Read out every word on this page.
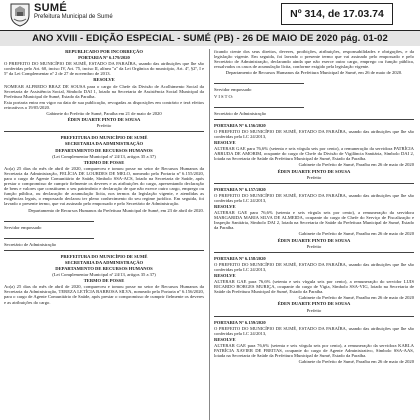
SUMÉ
Prefeitura Municipal de Sumé	Nº 314, de 17.03.74
ANO XVIII - EDIÇÃO ESPECIAL - SUMÉ (PB) - 26 DE MAIO DE 2020 pág. 01-02

REPUBLICADO POR INCORREÇÃO

PORTARIA Nº 6.179/2020

O PREFEITO DO MUNICÍPIO DE SUMÉ, ESTADO DA PARAÍBA, usando das atribuições que lhe são conferidas pelo Art. 60, inciso IV, Art. 75, inciso II, alínea "a" da Lei Orgânica do município, Art. 4º, §2º, I e 5º da Lei Complementar nº 2 de 27 de novembro de 2013.

RESOLVE

NOMEAR ALFREDO BRAZ DE SOUSA para o cargo de Chefe da Divisão de Acolhimento Social da Secretaria de Assistência Social, Símbolo DAI 1, lotado na Secretaria de Assistência Social Municipal da Prefeitura Municipal de Sumé, Estado da Paraíba.

Esta portaria entra em vigor na data de sua publicação, revogadas as disposições em contrário e terá efeitos retroativos a 19/05/2020.

Gabinete do Prefeito de Sumé, Paraíba em 21 de maio de 2020

ÉDEN DUARTE PINTO DE SOUSA

Prefeito

PREFEITURA DO MUNICÍPIO DE SUMÉ

SECRETARIA DA ADMINISTRAÇÃO

DEPARTAMENTO DE RECURSOS HUMANOS

(Lei Complementar Municipal nº 24/13, artigos 35 a 37)

TERMO DE POSSE

Ao(a) 25 dias do mês de abril de 2020, compareceu e tomou posse no setor de Recursos Humanos da Secretaria da Administração, FELÍCIA DE LOURDES DE MELO, nomeado pela Portaria nº 6.155/2020, para o cargo de Agente Comunitário de Saúde, Símbolo SSA-ACS, lotado na Secretaria de Saúde, após prestar o compromisso de cumprir fielmente os deveres e as atribuições do cargo, apresentando declaração de bens e valores que constituem o seu patrimônio e declaração de que não exerce outro cargo, emprego ou função pública, ou declaração de acumulação lícita, nos termos da legislação vigente, e atendidas as exigências legais, o empossado declarou ter pleno conhecimento do seu regime jurídico. Em seguida, foi lavrado o presente termo, que vai assinado pelo empossado e pelo Secretário de Administração.

Departamento de Recursos Humanos da Prefeitura Municipal de Sumé, em 23 de abril de 2020.

Servidor empossado

Secretário de Administração

PREFEITURA DO MUNICÍPIO DE SUMÉ

SECRETARIA DA ADMINISTRAÇÃO

DEPARTAMENTO DE RECURSOS HUMANOS

(Lei Complementar Municipal nº 24/13, artigos 35 a 37)

TERMO DE POSSE

Ao(a) 25 dias do mês de abril de 2020, compareceu e tomou posse no setor de Recursos Humanos da Secretaria da Administração, TEREZA LETÍCIA BARBOSA SILVA, nomeado pela Portaria nº 6.156/2020, para o cargo de Agente Comunitário de Saúde, após prestar o compromisso de cumprir fielmente os deveres e as atribuições do cargo.

ficando ciente dos seus direitos, deveres, proibições, atribuições, responsabilidades e obrigações, e da legislação vigente. Em seguida, foi lavrado o presente termo que vai assinado pelo empossado e pelo Secretário de Administração, declarando ainda que não exerce outro cargo, emprego ou função pública, ressalvados os casos de acumulação lícita, conforme exigido pela legislação vigente.

Departamento de Recursos Humanos da Prefeitura Municipal de Sumé, em 26 de maio de 2020.

Servidor empossado

V I S T O:

Secretário de Administração

PORTARIA Nº 6.156/2020

O PREFEITO DO MUNICÍPIO DE SUMÉ, ESTADO DA PARAÍBA, usando das atribuições que lhe são conferidas pela LC 24/2013,

RESOLVE

ALTERAR GAE para 76,6% (setenta e seis vírgula seis por cento), a remuneração da servidora PATRÍCIA ARRUDA DE AMORIM, ocupante do cargo de Chefe da Divisão de Vigilância Sanitária, Símbolo DAI 2, lotada na Secretaria de Saúde da Prefeitura Municipal de Sumé, Estado da Paraíba.

Gabinete do Prefeito de Sumé, Paraíba em 26 de maio de 2020

ÉDEN DUARTE PINTO DE SOUSA

Prefeito

PORTARIA Nº 6.157/2020

O PREFEITO DO MUNICÍPIO DE SUMÉ, ESTADO DA PARAÍBA, usando das atribuições que lhe são conferidas pela LC 24/2013,

RESOLVE

ALTERAR GAE para 76,6% (setenta e seis vírgula seis por cento), a remuneração da servidora MARGARIDA MARIA SILVA DE ALMEIDA, ocupante do cargo de Chefe do Serviço de Fiscalização e Inspeção Sanitária, Símbolo DAI 2, lotada na Secretaria de Saúde da Prefeitura Municipal de Sumé, Estado da Paraíba.

Gabinete do Prefeito de Sumé, Paraíba em 26 de maio de 2020

ÉDEN DUARTE PINTO DE SOUSA

Prefeito

PORTARIA Nº 6.158/2020

O PREFEITO DO MUNICÍPIO DE SUMÉ, ESTADO DA PARAÍBA, usando das atribuições que lhe são conferidas pela LC 24/2013,

RESOLVE

ALTERAR GAE para 76,6% (setenta e seis vírgula seis por cento), a remuneração do servidor LUIS RICARDO BORGES MURIÇA, ocupante do cargo de Vigia, Símbolo SSA-VIG, lotado na Secretaria de Saúde da Prefeitura Municipal de Sumé, Estado da Paraíba.

Gabinete do Prefeito de Sumé, Paraíba em 26 de maio de 2020

ÉDEN DUARTE PINTO DE SOUSA

Prefeito

PORTARIA Nº 6.159/2020

O PREFEITO DO MUNICÍPIO DE SUMÉ, ESTADO DA PARAÍBA, usando das atribuições que lhe são conferidas pela LC 24/2013,

RESOLVE

ALTERAR GAE para 76,6% (setenta e seis vírgula seis por cento), a remuneração da servidora KARLA PATRÍCIA XAVIER DE FREITAS, ocupante do cargo de Agente Administrativo, Símbolo SSA-AAS, lotada na Secretaria de Saúde da Prefeitura Municipal de Sumé, Estado da Paraíba.

Gabinete do Prefeito de Sumé, Paraíba em 26 de maio de 2020
